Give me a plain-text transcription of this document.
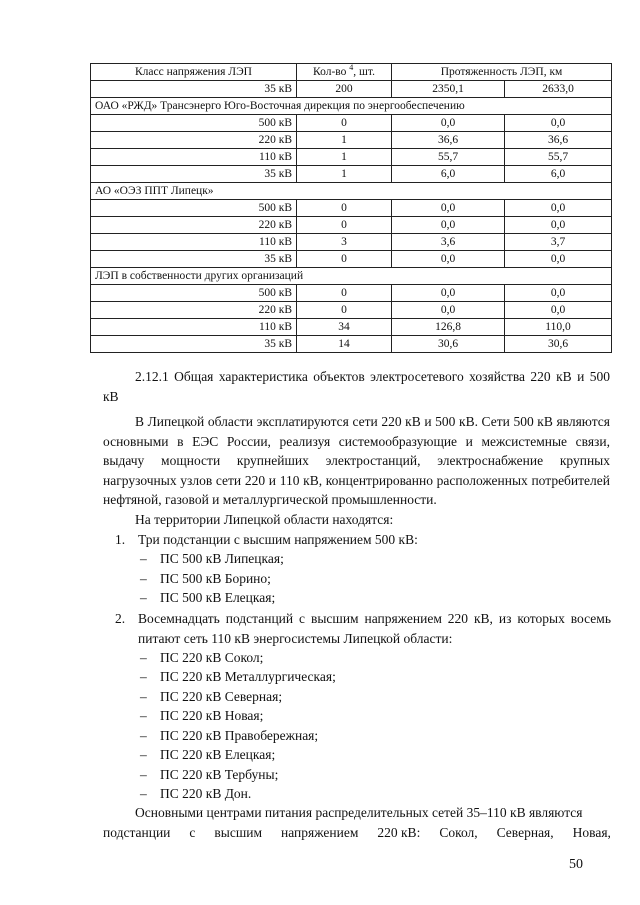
Класс напряжения ЛЭП	Кол-во $^4$, шт.	Протяженность ЛЭП, км	
35 кВ	200	2350,1	2633,0
ОАО «РЖД» Трансэнерго Юго-Восточная дирекция по энергообеспечению			
500 кВ	0	0,0	0,0
220 кВ	1	36,6	36,6
110 кВ	1	55,7	55,7
35 кВ	1	6,0	6,0
АО «ОЭЗ ППТ Липецк»			
500 кВ	0	0,0	0,0
220 кВ	0	0,0	0,0
110 кВ	3	3,6	3,7
35 кВ	0	0,0	0,0
ЛЭП в собственности других организаций			
500 кВ	0	0,0	0,0
220 кВ	0	0,0	0,0
110 кВ	34	126,8	110,0
35 кВ	14	30,6	30,6
2.12.1 Общая характеристика объектов электросетевого хозяйства 220 кВ и 500 кВ
В Липецкой области эксплатируются сети 220 кВ и 500 кВ. Сети 500 кВ являются основными в ЕЭС России, реализуя системообразующие и межсистемные связи, выдачу мощности крупнейших электростанций, электроснабжение крупных нагрузочных узлов сети 220 и 110 кВ, концентрированно расположенных потребителей нефтяной, газовой и металлургической промышленности.
На территории Липецкой области находятся:
1. Три подстанции с высшим напряжением 500 кВ:
– ПС 500 кВ Липецкая;
– ПС 500 кВ Борино;
– ПС 500 кВ Елецкая;
2. Восемнадцать подстанций с высшим напряжением 220 кВ, из которых восемь питают сеть 110 кВ энергосистемы Липецкой области:
– ПС 220 кВ Сокол;
– ПС 220 кВ Металлургическая;
– ПС 220 кВ Северная;
– ПС 220 кВ Новая;
– ПС 220 кВ Правобережная;
– ПС 220 кВ Елецкая;
– ПС 220 кВ Тербуны;
– ПС 220 кВ Дон.
Основными центрами питания распределительных сетей 35–110 кВ являются
подстанции с высшим напряжением 220 кВ: Сокол, Северная, Новая,
50
